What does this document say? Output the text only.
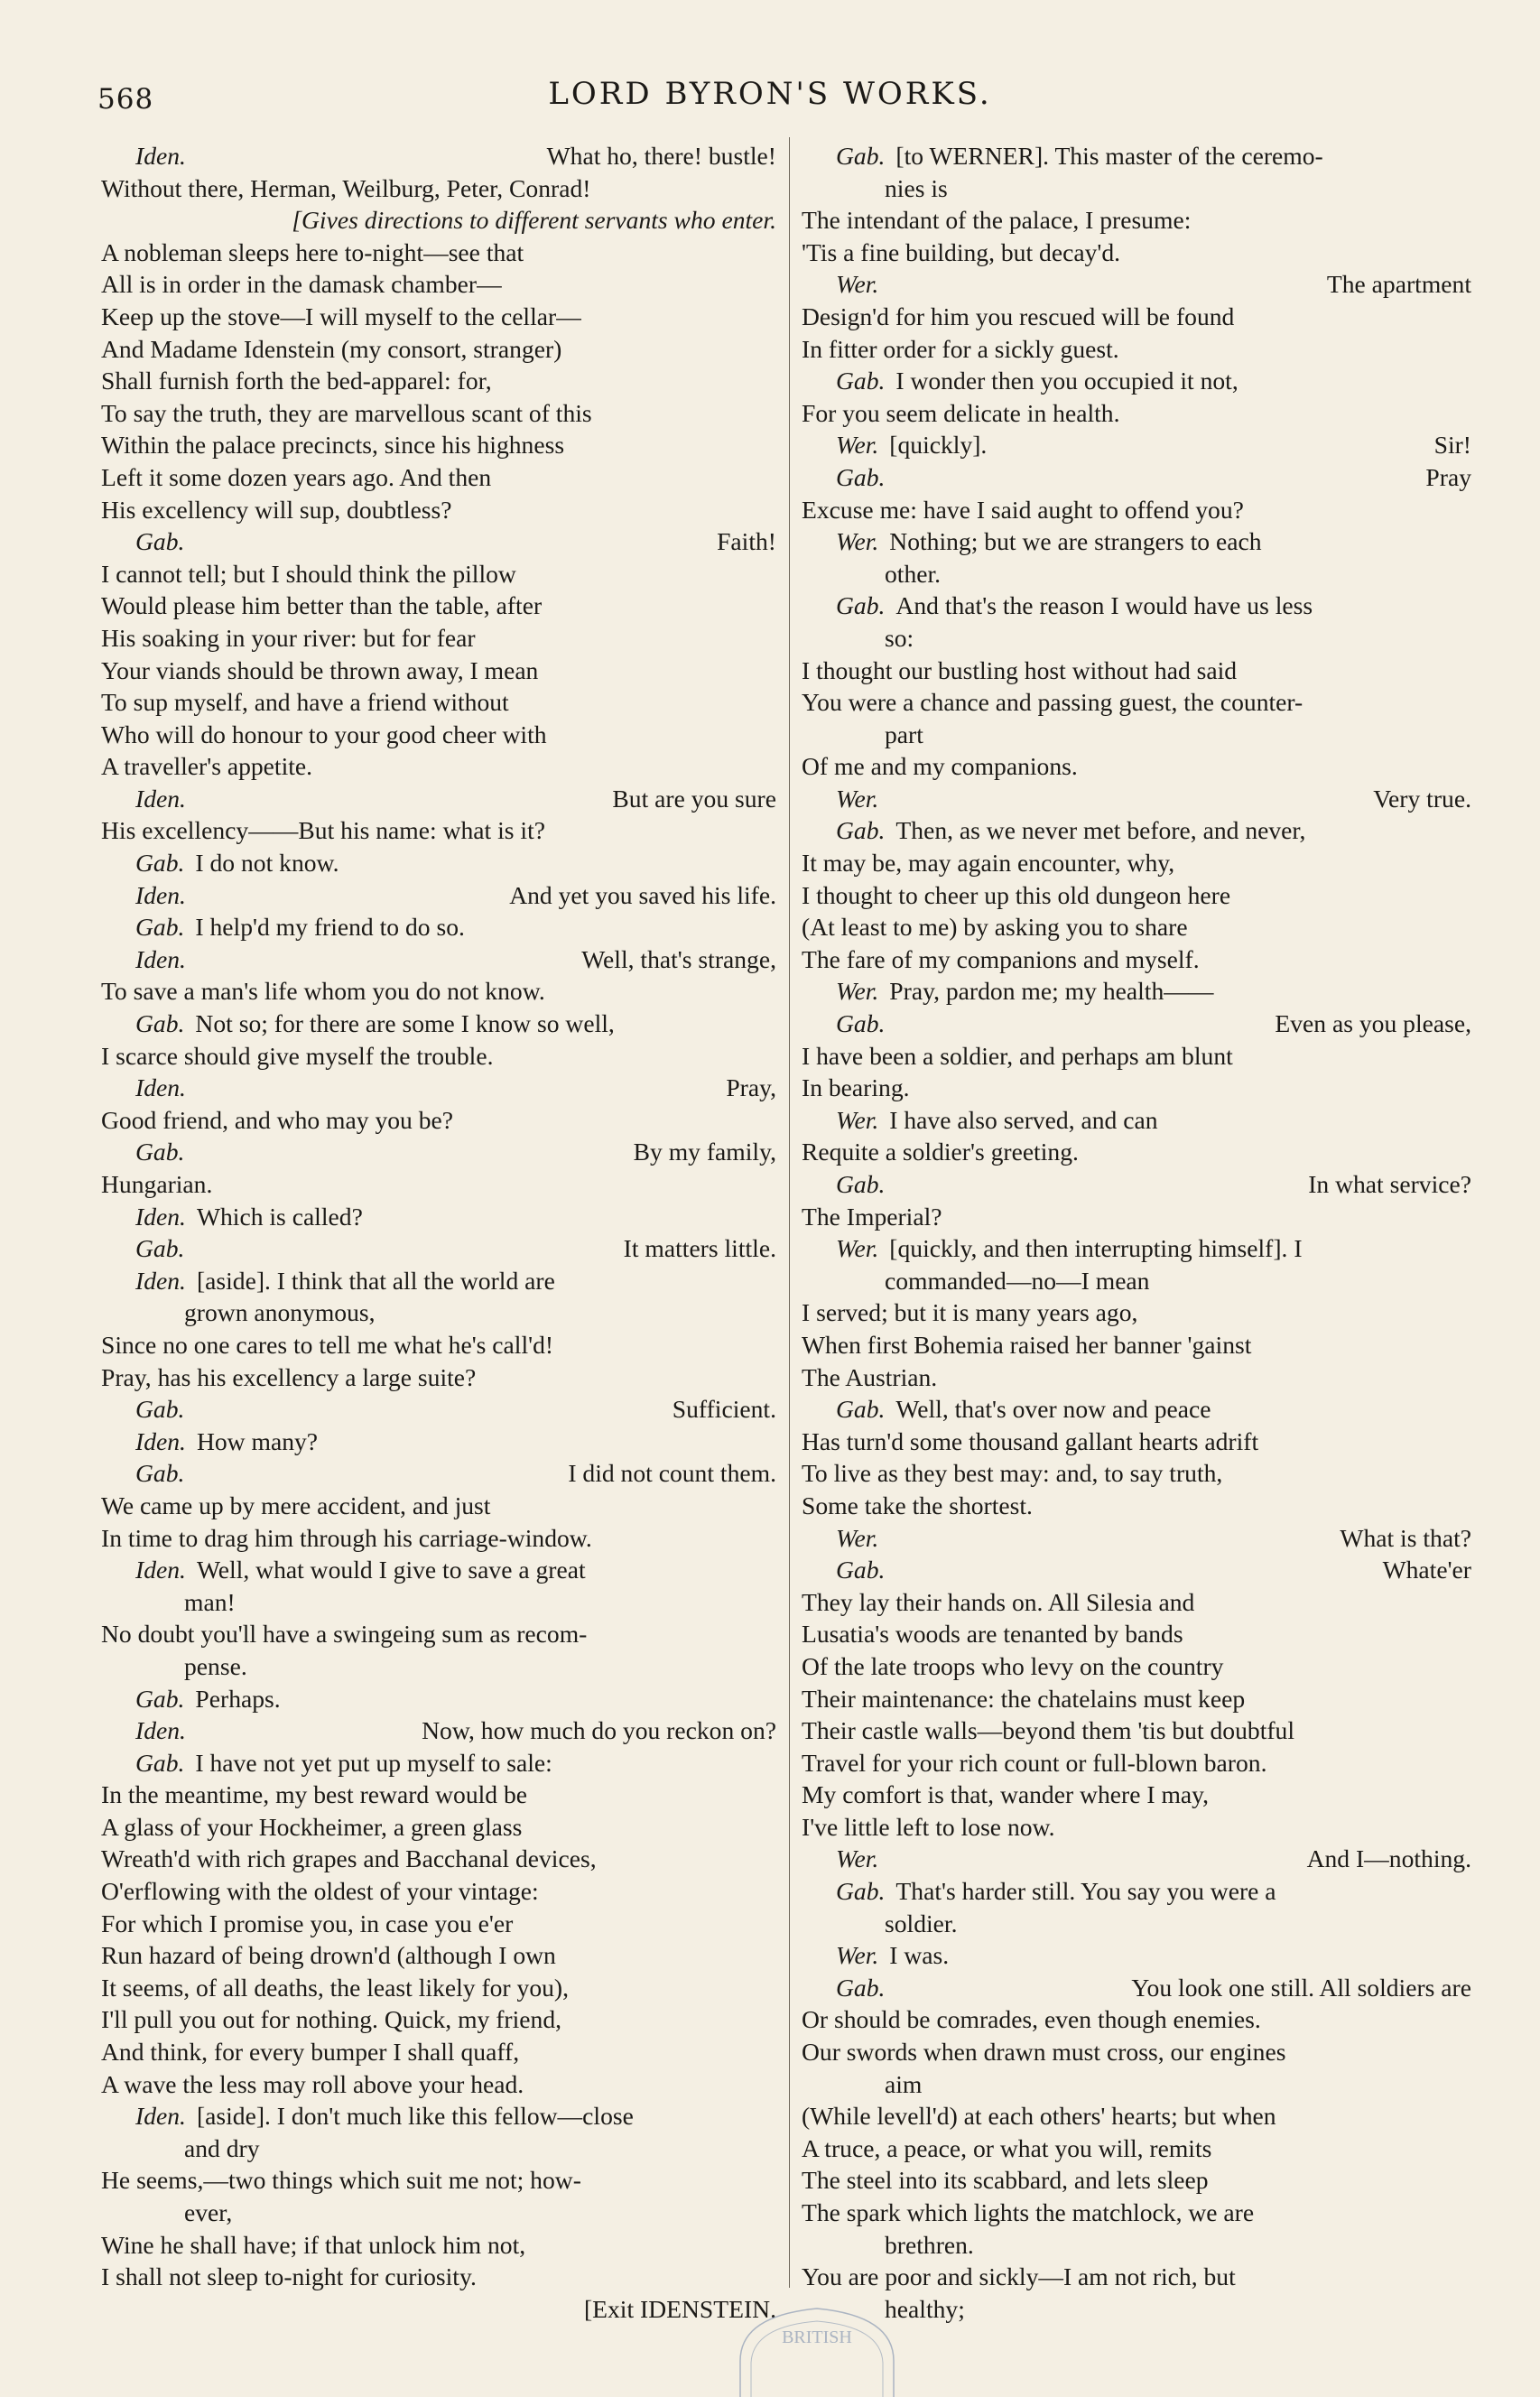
568	LORD BYRON'S WORKS.
Iden.	What ho, there! bustle!
Without there, Herman, Weilburg, Peter, Conrad!
[Gives directions to different servants who enter.
A nobleman sleeps here to-night—see that
All is in order in the damask chamber—
Keep up the stove—I will myself to the cellar—
And Madame Idenstein (my consort, stranger)
Shall furnish forth the bed-apparel: for,
To say the truth, they are marvellous scant of this
Within the palace precincts, since his highness
Left it some dozen years ago. And then
His excellency will sup, doubtless?
Gab.	Faith!
I cannot tell; but I should think the pillow
Would please him better than the table, after
His soaking in your river: but for fear
Your viands should be thrown away, I mean
To sup myself, and have a friend without
Who will do honour to your good cheer with
A traveller's appetite.
Iden.	But are you sure
His excellency——But his name: what is it?
Gab. I do not know.
Iden.	And yet you saved his life.
Gab. I help'd my friend to do so.
Iden.	Well, that's strange,
To save a man's life whom you do not know.
Gab. Not so; for there are some I know so well,
I scarce should give myself the trouble.
Iden.	Pray,
Good friend, and who may you be?
Gab.	By my family,
Hungarian.
Iden. Which is called?
Gab.	It matters little.
Iden. [aside]. I think that all the world are
grown anonymous,
Since no one cares to tell me what he's call'd!
Pray, has his excellency a large suite?
Gab.	Sufficient.
Iden. How many?
Gab.	I did not count them.
We came up by mere accident, and just
In time to drag him through his carriage-window.
Iden. Well, what would I give to save a great
man!
No doubt you'll have a swingeing sum as recom-
pense.
Gab. Perhaps.
Iden.	Now, how much do you reckon on?
Gab. I have not yet put up myself to sale:
In the meantime, my best reward would be
A glass of your Hockheimer, a green glass
Wreath'd with rich grapes and Bacchanal devices,
O'erflowing with the oldest of your vintage:
For which I promise you, in case you e'er
Run hazard of being drown'd (although I own
It seems, of all deaths, the least likely for you),
I'll pull you out for nothing. Quick, my friend,
And think, for every bumper I shall quaff,
A wave the less may roll above your head.
Iden. [aside]. I don't much like this fellow—close
and dry
He seems,—two things which suit me not; how-
ever,
Wine he shall have; if that unlock him not,
I shall not sleep to-night for curiosity.
[Exit IDENSTEIN.
Gab. [to WERNER]. This master of the ceremo-
nies is
The intendant of the palace, I presume:
'Tis a fine building, but decay'd.
Wer.	The apartment
Design'd for him you rescued will be found
In fitter order for a sickly guest.
Gab. I wonder then you occupied it not,
For you seem delicate in health.
Wer. [quickly].	Sir!
Gab.	Pray
Excuse me: have I said aught to offend you?
Wer. Nothing; but we are strangers to each
other.
Gab. And that's the reason I would have us less
so:
I thought our bustling host without had said
You were a chance and passing guest, the counter-
part
Of me and my companions.
Wer.	Very true.
Gab. Then, as we never met before, and never,
It may be, may again encounter, why,
I thought to cheer up this old dungeon here
(At least to me) by asking you to share
The fare of my companions and myself.
Wer. Pray, pardon me; my health——
Gab.	Even as you please,
I have been a soldier, and perhaps am blunt
In bearing.
Wer. I have also served, and can
Requite a soldier's greeting.
Gab.	In what service?
The Imperial?
Wer. [quickly, and then interrupting himself]. I
commanded—no—I mean
I served; but it is many years ago,
When first Bohemia raised her banner 'gainst
The Austrian.
Gab. Well, that's over now and peace
Has turn'd some thousand gallant hearts adrift
To live as they best may: and, to say truth,
Some take the shortest.
Wer.	What is that?
Gab.	Whate'er
They lay their hands on. All Silesia and
Lusatia's woods are tenanted by bands
Of the late troops who levy on the country
Their maintenance: the chatelains must keep
Their castle walls—beyond them 'tis but doubtful
Travel for your rich count or full-blown baron.
My comfort is that, wander where I may,
I've little left to lose now.
Wer.	And I—nothing.
Gab. That's harder still. You say you were a
soldier.
Wer. I was.
Gab.	You look one still. All soldiers are
Or should be comrades, even though enemies.
Our swords when drawn must cross, our engines
aim
(While levell'd) at each others' hearts; but when
A truce, a peace, or what you will, remits
The steel into its scabbard, and lets sleep
The spark which lights the matchlock, we are
brethren.
You are poor and sickly—I am not rich, but
healthy;
BRITISH
